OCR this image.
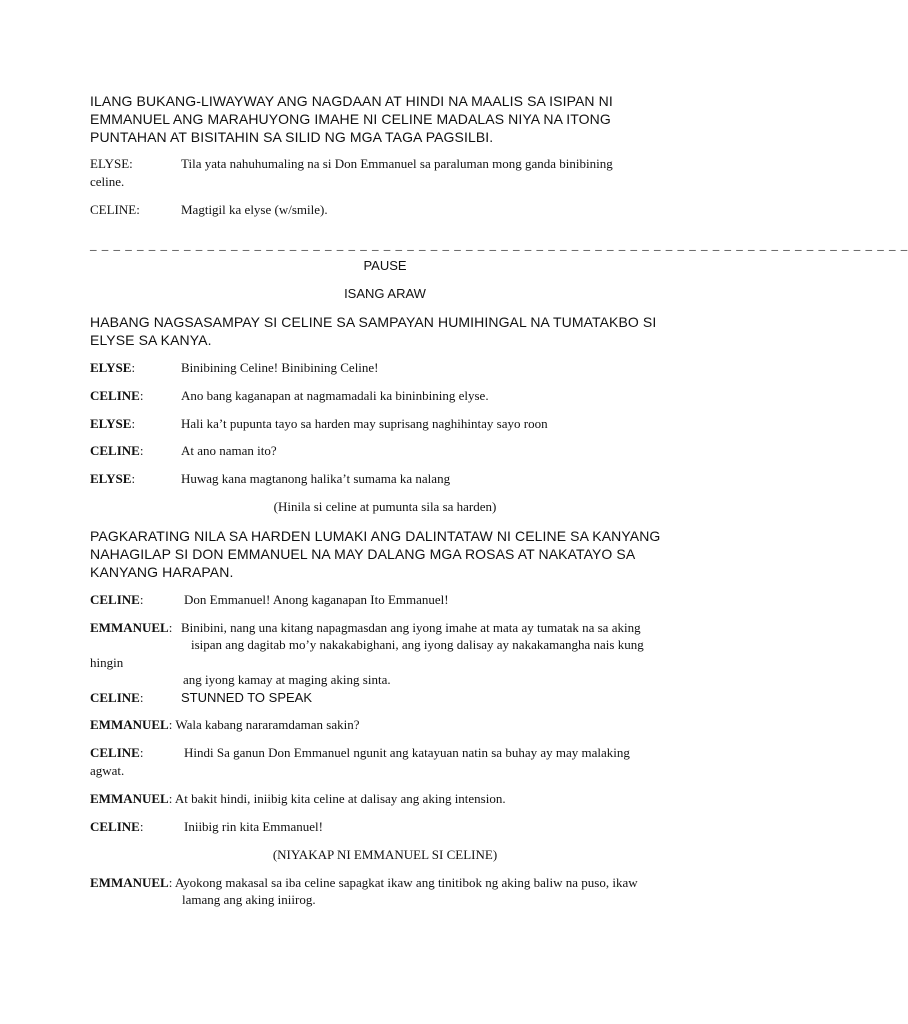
ILANG BUKANG-LIWAYWAY ANG NAGDAAN AT HINDI NA MAALIS SA ISIPAN NI EMMANUEL ANG MARAHUYONG IMAHE NI CELINE MADALAS NIYA NA ITONG PUNTAHAN AT BISITAHIN SA SILID NG MGA TAGA PAGSILBI.
ELYSE:	Tila yata nahuhumaling na si Don Emmanuel sa paraluman mong ganda binibining
celine.
CELINE:	Magtigil ka elyse (w/smile).
_ _ _ _ _ _ _ _ _ _ _ _ _ _ _ _ _ _ _ _ _ _ _ _ _ _ _ _ _ _ _ _ _ _ _ _ _ _ _ _ _ _ _ _ _ _ _ _ _ _ _ _ _ _ _ _ _ _ _ _ _ _ _ _ _ _ _ _ _ _
PAUSE
ISANG ARAW
HABANG NAGSASAMPAY SI CELINE SA SAMPAYAN HUMIHINGAL NA TUMATAKBO SI ELYSE SA KANYA.
ELYSE:	Binibining Celine! Binibining Celine!
CELINE:	Ano bang kaganapan at nagmamadali ka bininbining elyse.
ELYSE:	Hali ka’t pupunta tayo sa harden may suprisang naghihintay sayo roon
CELINE:	At ano naman ito?
ELYSE:	Huwag kana magtanong halika’t sumama ka nalang
(Hinila si celine at pumunta sila sa harden)
PAGKARATING NILA SA HARDEN LUMAKI ANG DALINTATAW NI CELINE SA KANYANG NAHAGILAP SI DON EMMANUEL NA MAY DALANG MGA ROSAS AT NAKATAYO SA KANYANG HARAPAN.
CELINE:	Don Emmanuel! Anong kaganapan Ito Emmanuel!
EMMANUEL: Binibini, nang una kitang napagmasdan ang iyong imahe at mata ay tumatak na sa aking
isipan ang dagitab mo’y nakakabighani, ang iyong dalisay ay nakakamangha nais kung
hingin
ang iyong kamay at maging aking sinta.
CELINE:	STUNNED TO SPEAK
EMMANUEL: Wala kabang nararamdaman sakin?
CELINE:	Hindi Sa ganun Don Emmanuel ngunit ang katayuan natin sa buhay ay may malaking
agwat.
EMMANUEL: At bakit hindi, iniibig kita celine at dalisay ang aking intension.
CELINE:	Iniibig rin kita Emmanuel!
(NIYAKAP NI EMMANUEL SI CELINE)
EMMANUEL: Ayokong makasal sa iba celine sapagkat ikaw ang tinitibok ng aking baliw na puso, ikaw
lamang ang aking iniirog.
